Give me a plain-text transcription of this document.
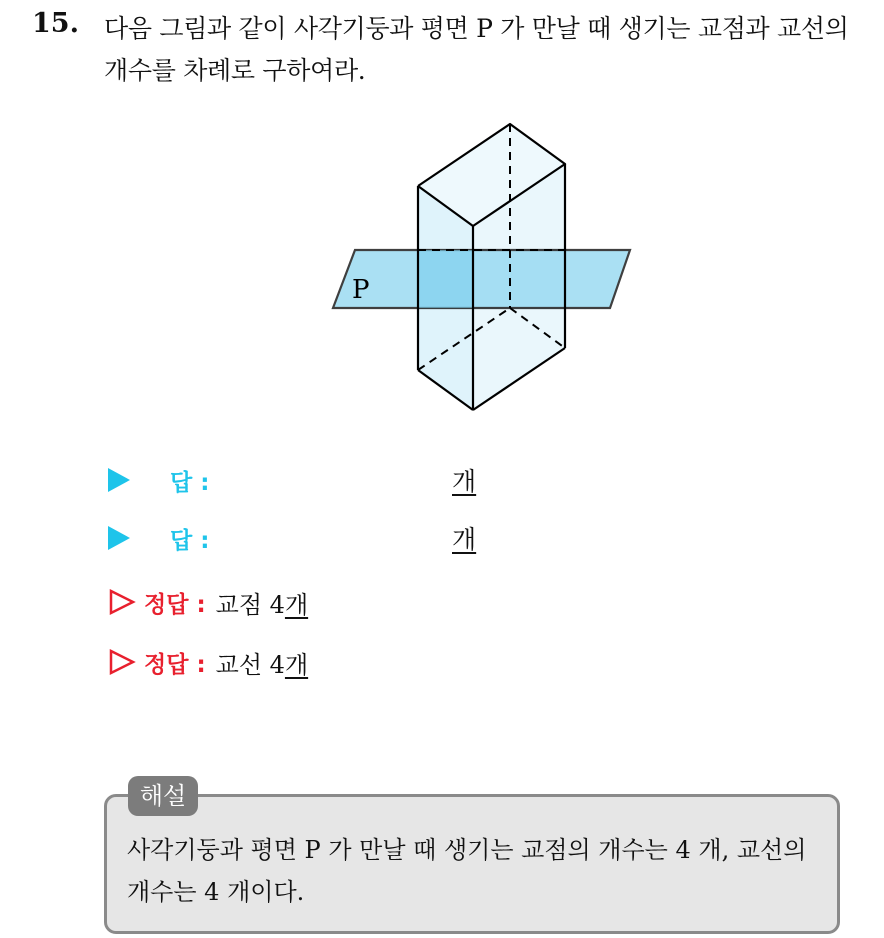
15. 다음 그림과 같이 사각기둥과 평면 P 가 만날 때 생기는 교점과 교선의 개수를 차례로 구하여라.
P
답 :	개
답 :	개
정답 : 교점 4 개
정답 : 교선 4 개
사각기둥과 평면 P 가 만날 때 생기는 교점의 개수는 4 개, 교선의 개수는 4 개이다.
해설
